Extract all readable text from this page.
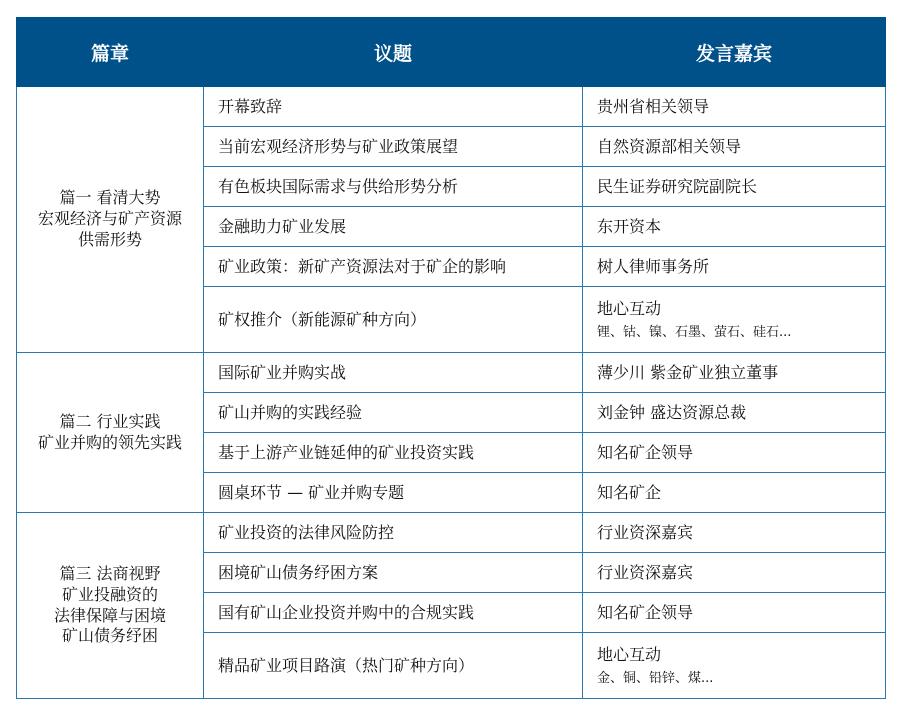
篇章	议题	发言嘉宾

篇一 看清大势
宏观经济与矿产资源
供需形势	开幕致辞	贵州省相关领导
	当前宏观经济形势与矿业政策展望	自然资源部相关领导
	有色板块国际需求与供给形势分析	民生证券研究院副院长
	金融助力矿业发展	东开资本
	矿业政策：新矿产资源法对于矿企的影响	树人律师事务所
	矿权推介（新能源矿种方向）	地心互动
锂、钴、镍、石墨、萤石、硅石...

篇二 行业实践
矿业并购的领先实践	国际矿业并购实战	薄少川 紫金矿业独立董事
	矿山并购的实践经验	刘金钟 盛达资源总裁
	基于上游产业链延伸的矿业投资实践	知名矿企领导
	圆桌环节 — 矿业并购专题	知名矿企

篇三 法商视野
矿业投融资的
法律保障与困境
矿山债务纾困	矿业投资的法律风险防控	行业资深嘉宾
	困境矿山债务纾困方案	行业资深嘉宾
	国有矿山企业投资并购中的合规实践	知名矿企领导
	精品矿业项目路演（热门矿种方向）	地心互动
金、铜、铅锌、煤...
